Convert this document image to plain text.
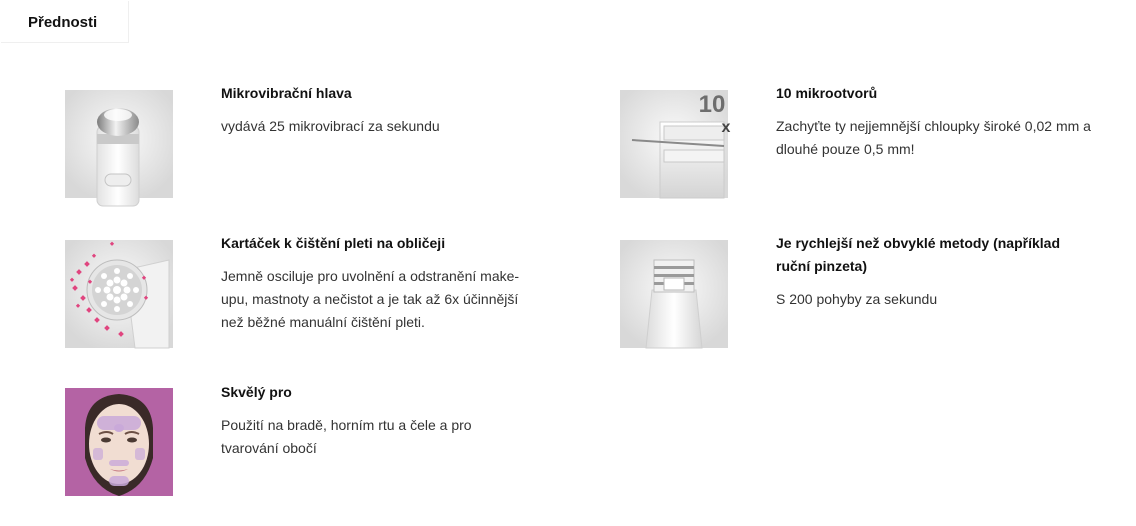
Přednosti
Mikrovibrační hlava
vydává 25 mikrovibrací za sekundu
10
x
10 mikrootvorů
Zachyťte ty nejjemnější chloupky široké 0,02 mm a dlouhé pouze 0,5 mm!
Kartáček k čištění pleti na obličeji
Jemně osciluje pro uvolnění a odstranění make-upu, mastnoty a nečistot a je tak až 6x účinnější než běžné manuální čištění pleti.
Je rychlejší než obvyklé metody (například ruční pinzeta)
S 200 pohyby za sekundu
Skvělý pro
Použití na bradě, horním rtu a čele a pro tvarování obočí
